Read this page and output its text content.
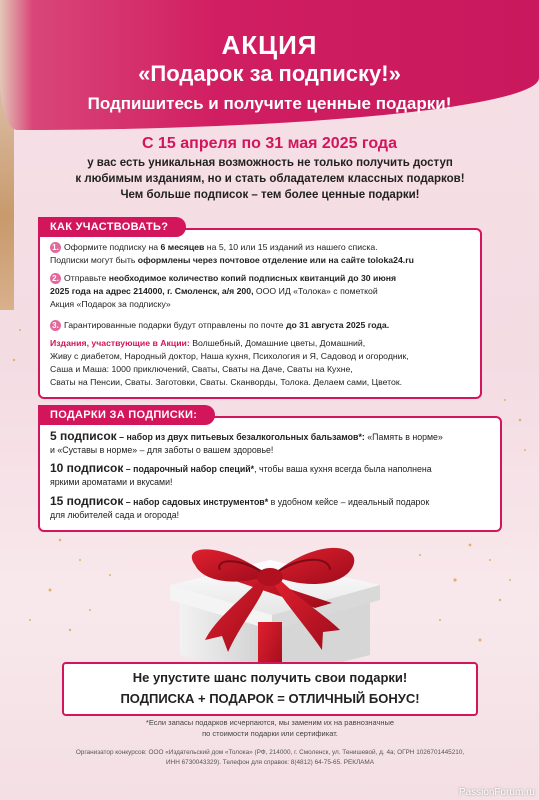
АКЦИЯ
«Подарок за подписку!»
Подпишитесь и получите ценные подарки!
С 15 апреля по 31 мая 2025 года
у вас есть уникальная возможность не только получить доступ
к любимым изданиям, но и стать обладателем классных подарков!
Чем больше подписок – тем более ценные подарки!
1. Оформите подписку на 6 месяцев на 5, 10 или 15 изданий из нашего списка.
Подписки могут быть оформлены через почтовое отделение или на сайте toloka24.ru
2. Отправьте необходимое количество копий подписных квитанций до 30 июня
2025 года на адрес 214000, г. Смоленск, а/я 200, ООО ИД «Толока» с пометкой
Акция «Подарок за подписку»
3. Гарантированные подарки будут отправлены по почте до 31 августа 2025 года.
Издания, участвующие в Акции: Волшебный, Домашние цветы, Домашний,
Живу с диабетом, Народный доктор, Наша кухня, Психология и Я, Садовод и огородник,
Саша и Маша: 1000 приключений, Сваты, Сваты на Даче, Сваты на Кухне,
Сваты на Пенсии, Сваты. Заготовки, Сваты. Сканворды, Толока. Делаем сами, Цветок.
КАК УЧАСТВОВАТЬ?
5 подписок – набор из двух питьевых безалкогольных бальзамов*: «Память в норме»
и «Суставы в норме» – для заботы о вашем здоровье!
10 подписок – подарочный набор специй*, чтобы ваша кухня всегда была наполнена
яркими ароматами и вкусами!
15 подписок – набор садовых инструментов* в удобном кейсе – идеальный подарок
для любителей сада и огорода!
ПОДАРКИ ЗА ПОДПИСКИ:
Не упустите шанс получить свои подарки!
ПОДПИСКА + ПОДАРОК = ОТЛИЧНЫЙ БОНУС!
*Если запасы подарков исчерпаются, мы заменим их на равнозначные
по стоимости подарки или сертификат.
Организатор конкурсов: ООО «Издательский дом «Толока» (РФ, 214000, г. Смоленск, ул. Тенишевой, д. 4а; ОГРН 1026701445210,
ИНН 6730043329). Телефон для справок: 8(4812) 64-75-65. РЕКЛАМА
PassionForum.ru
